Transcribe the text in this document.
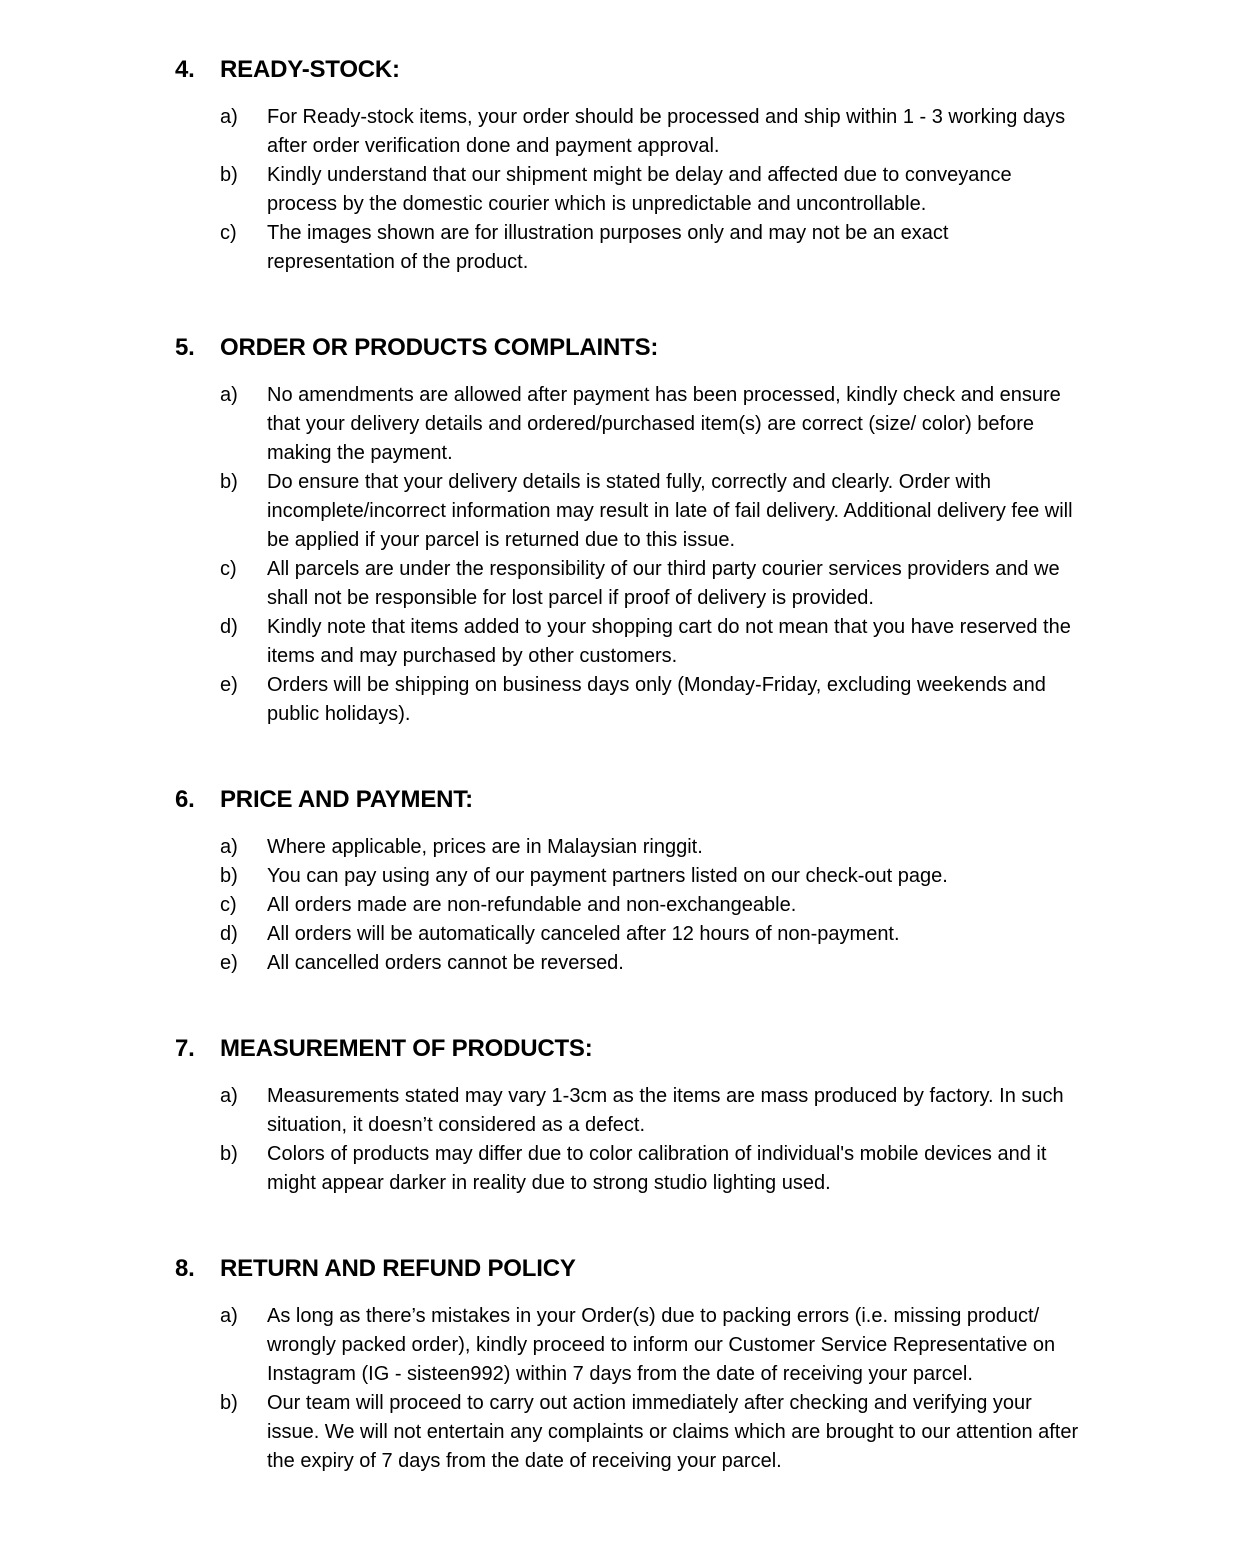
4.	READY-STOCK:
a)	For Ready-stock items, your order should be processed and ship within 1 - 3 working days after order verification done and payment approval.
b)	Kindly understand that our shipment might be delay and affected due to conveyance process by the domestic courier which is unpredictable and uncontrollable.
c)	The images shown are for illustration purposes only and may not be an exact representation of the product.
5.	ORDER OR PRODUCTS COMPLAINTS:
a)	No amendments are allowed after payment has been processed, kindly check and ensure that your delivery details and ordered/purchased item(s) are correct (size/ color) before making the payment.
b)	Do ensure that your delivery details is stated fully, correctly and clearly. Order with incomplete/incorrect information may result in late of fail delivery. Additional delivery fee will be applied if your parcel is returned due to this issue.
c)	All parcels are under the responsibility of our third party courier services providers and we shall not be responsible for lost parcel if proof of delivery is provided.
d)	Kindly note that items added to your shopping cart do not mean that you have reserved the items and may purchased by other customers.
e)	Orders will be shipping on business days only (Monday-Friday, excluding weekends and public holidays).
6.	PRICE AND PAYMENT:
a)	Where applicable, prices are in Malaysian ringgit.
b)	You can pay using any of our payment partners listed on our check-out page.
c)	All orders made are non-refundable and non-exchangeable.
d)	All orders will be automatically canceled after 12 hours of non-payment.
e)	All cancelled orders cannot be reversed.
7.	MEASUREMENT OF PRODUCTS:
a)	Measurements stated may vary 1-3cm as the items are mass produced by factory. In such situation, it doesn’t considered as a defect.
b)	Colors of products may differ due to color calibration of individual's mobile devices and it might appear darker in reality due to strong studio lighting used.
8.	RETURN AND REFUND POLICY
a)	As long as there’s mistakes in your Order(s) due to packing errors (i.e. missing product/ wrongly packed order), kindly proceed to inform our Customer Service Representative on Instagram (IG - sisteen992) within 7 days from the date of receiving your parcel.
b)	Our team will proceed to carry out action immediately after checking and verifying your issue. We will not entertain any complaints or claims which are brought to our attention after the expiry of 7 days from the date of receiving your parcel.
